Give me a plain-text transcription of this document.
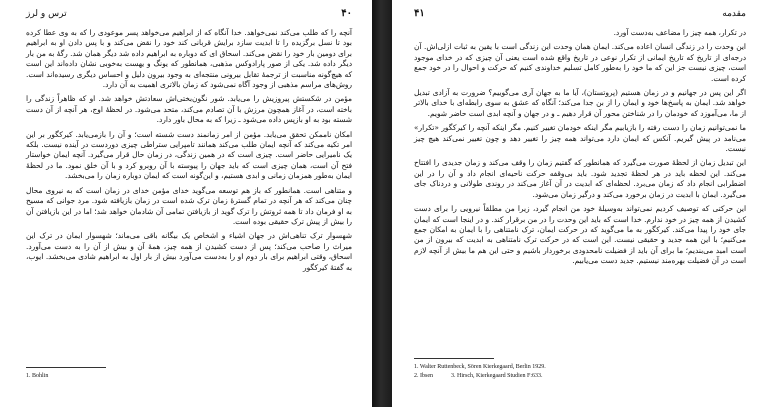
۴۰
ترس و لرز

آنچه را که طلب می‌کند نمی‌خواهد. خدا آنگاه که از ابراهیم می‌خواهد پسر موعودی را که به وی عطا کرده بود تا نسل برگزیده را تا ابدیت سازد برایش قربانی کند خود را نقض می‌کند و با پس دادن او به ابراهیم برای دومین بار خود را نقض می‌کند. اسحاق ای که دوباره به ابراهیم داده شد دیگر همان شد. رگهٔ به من بار دیگر داده شد. یکی از صور پارادوکس مذهبی، همانطور که یونگ و یهست به‌خوبی نشان داده‌اند این است که هیچ‌گونه مناسبت از ترجمهٔ تقابل بیرونی منتجه‌ای به وجود بیرون دلیل و احساس دیگری رسیده‌اند است. روش‌های مراسم مذهبی از وجود آگاه نمی‌شود که زمان بالاتری اهمیت به آن دارد.

مؤمن در شکستش پیروزیش را می‌یابد. شور نگون‌بختی‌اش سعادتش خواهد شد. او که ظاهراً زندگی را باخته است، در آغاز همچون مرزش با آن تصادم می‌کند، متحد می‌شود. در لحظهٔ اوج، هر آنچه از آن دست شسته بود به او بازپس داده می‌شود ـ زیرا که به محال باور دارد.

امکان ناممکن تحقق می‌یابد. مؤمن از امر زمانمند دست شسته است؛ و آن را بازمی‌یابد. کیرکگور بر این امر تکیه می‌کند که آنچه ایمان طلب می‌کند همانند تامپرایی ستراطی چیزی دوردست در آینده نیست. بلکه یک نامیرایی حاضر است. چیزی است که در همین زندگی، در زمان حال قرار می‌گیرد. آنچه ایمان خواستار فتح آن است، همان چیزی است که باید جهان را پیوسته با آن روبرو کرد و با آن خلق نمود. ما در لحظهٔ ایمان به‌طور همزمان زمانی و ابدی هستیم، و این‌گونه است که ایمان دوباره زمان را می‌بخشد.

و متناهی است. همانطور که باز هم توسعه می‌گوید خدای مؤمن خدای در زمان است که به نیروی محال چنان می‌کند که هر آنچه در تمام گسترهٔ زمان ترک شده است در زمان بازیافته شود. مرد جوانی که مسیح به او فرمان داد تا همه ثروتش را ترک گوید از بازیافتن تمامی آن شادمان خواهد شد؛ اما در این بازیافتن آن را بیش از پیش ترک حقیقی بوده است.

شهسوار ترک تناهی‌اش در جهان اشیاء و اشخاص یک بیگانه باقی می‌ماند؛ شهسوار ایمان در ترک این میراث را صاحب می‌کند؛ پس از دست کشیدن از همه چیز، همهٔ آن و بیش از آن را به دست می‌آورد. اسحاق، وقتی ابراهیم برای بار دوم او را به‌دست می‌آورد بیش از بار اول به ابراهیم شادی می‌بخشد. ایوب، به گفتهٔ کیرکگور

1. Bohlin
مقدمه
۴۱

در تکرار، همه چیز را مضاعف به‌دست آورد.

این وحدت را در زندگی انسان اعاده می‌کند. ایمان همان وحدت این زندگی است با یقین به ثبات ازلی‌اش. آن درجه‌ای از تاریخ که تاریخ ایمانی از تکرار نوعی در تاریخ واقع شده است یعنی آن چیزی که در خدای موجود است، چیزی نیست جز این که ما خود را به‌طور کامل تسلیم خداوندی کنیم که حرکت و احوال را در خود جمع کرده است.

اگر این پس در جهانیم و در زمان هستیم (پروتستان)، آیا ما به جهان آری می‌گوییم؟ ضرورت به آزادی تبدیل خواهد شد. ایمان به پاسخ‌ها خود و ایمان را از بن جدا می‌کند؛ آنگاه که عشق به سوی رابطه‌ای با خدای بالاتر از ما، می‌آموزد که خودمان را در شناختن محور آن قرار دهیم ـ و در جهان و آنچه ابدی است حاضر شویم.

ما نمی‌توانیم زمان را دست رفته را بازیابیم مگر اینکه خودمان تغییر کنیم. مگر اینکه آنچه را کیرکگور «تکرار» می‌نامد در پیش گیریم. آنکس که ایمان دارد می‌تواند همه چیز را تغییر دهد و چون تغییر نمی‌کند هیچ چیز نیست.

این تبدیل زمان از لحظهٔ صورت می‌گیرد که همانطور که گفتیم زمان را وقف می‌کند و زمان جدیدی را افتتاح می‌کند. این لحظه باید در هر لحظهٔ تجدید شود. باید بی‌وقفه حرکت ناحیه‌ای انجام داد و آن را در این اضطرابی انجام داد که زمان می‌برد. لحظه‌ای که ابدیت در آن آغاز می‌کند در روندی طولانی و دردناک جای می‌گیرد. ایمان با ابدیت در زمان برخورد می‌کند و درگیر زمان می‌شود.

این حرکتی که توصیف کردیم نمی‌تواند به‌وسیلهٔ خود من انجام گیرد، زیرا من مطلقاً نیرویی را برای دست کشیدن از همه چیز در خود ندارم. خدا است که باید این وحدت را در من برقرار کند. و در اینجا است که ایمان جای خود را پیدا می‌کند. کیرکگور به ما می‌گوید که در حرکت ایمان، ترک نامتناهی را با ایمان به امکان جمع می‌کنیم؛ با این همه جدید و حقیقی نیست. این است که در حرکت ترک نامتناهی به ابدیت که بیرون از من است امید می‌بندیم؛ ما برای آن باید از فضیلت نامحدودی برخوردار باشیم و حتی این هم ما بیش از آنچه لازم است در آن فضیلت بهره‌مند نیستیم. جدید دست می‌یابیم.

1. Walter Ruttenbeck, Sören Kierkegaard, Berlin 1929.
2. Ibsen	3. Hirsch, Kierkegaard Studien F:633.
